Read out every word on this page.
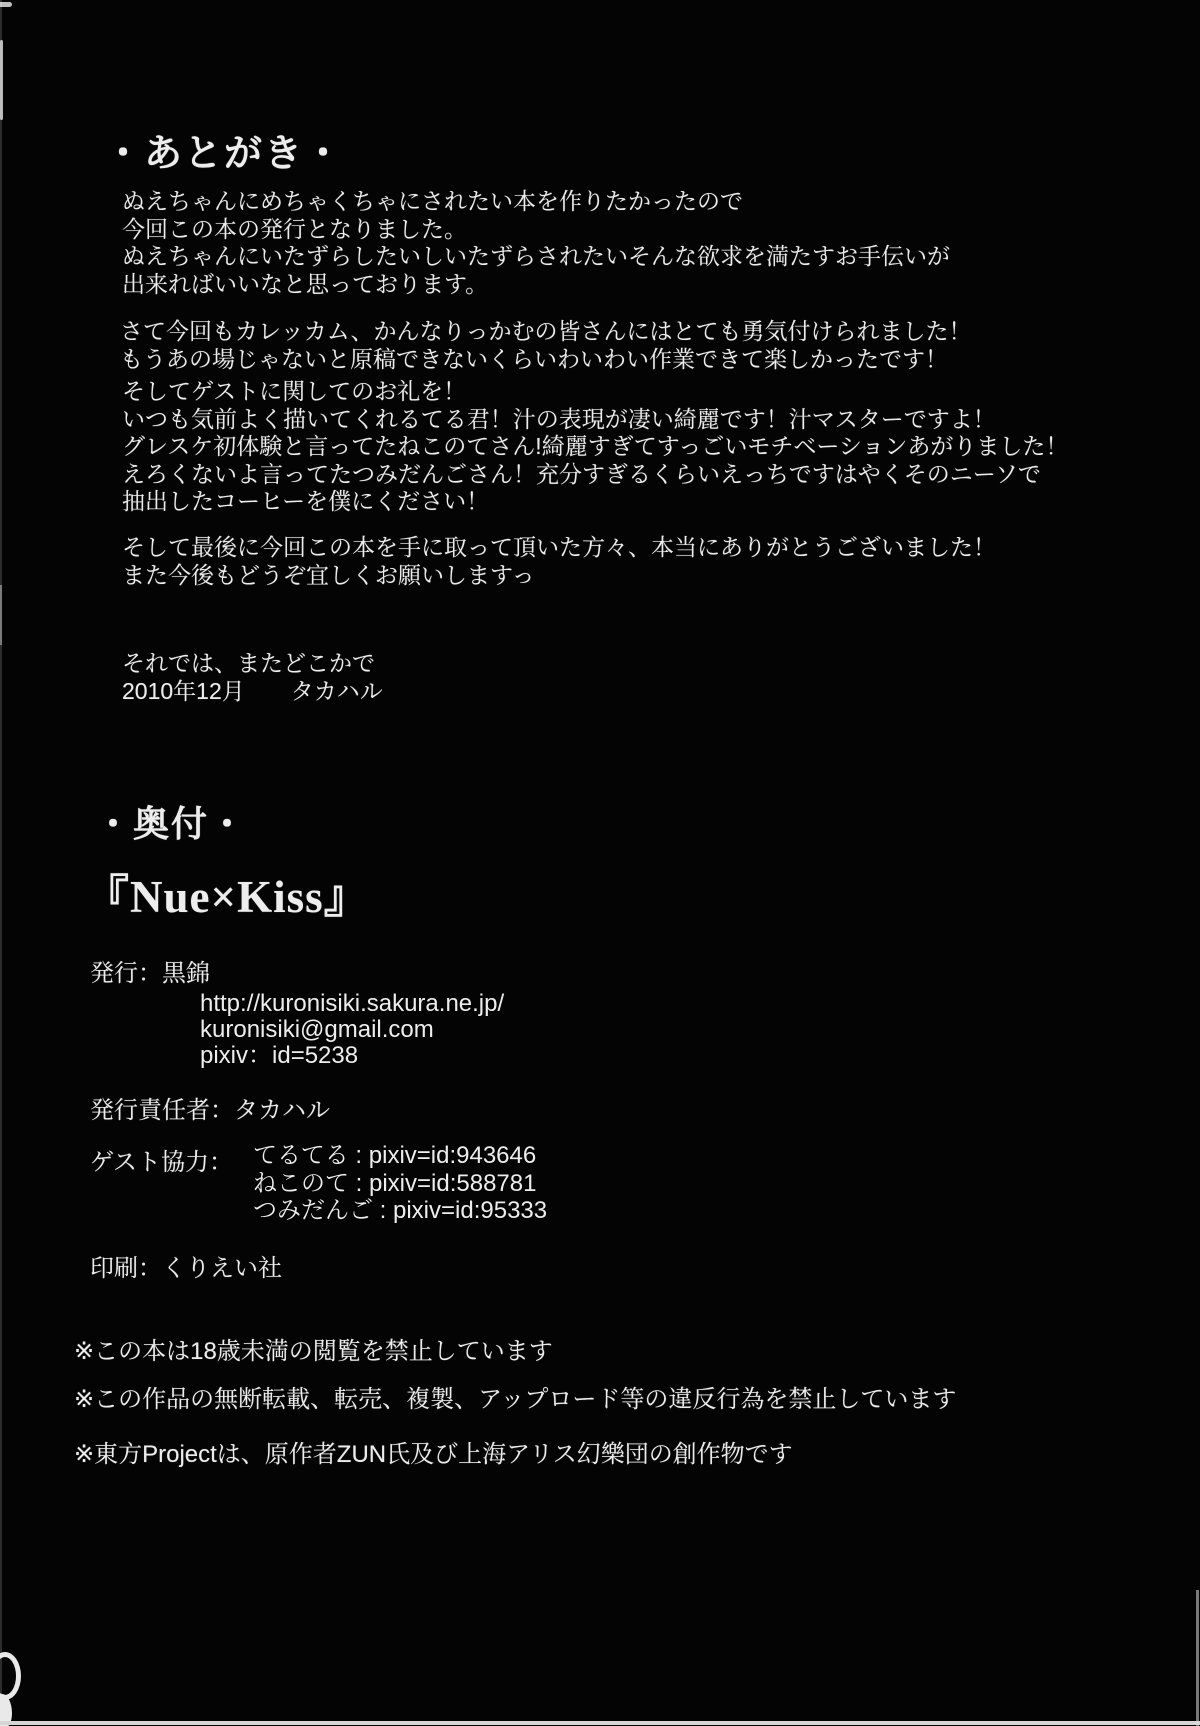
・あとがき・
ぬえちゃんにめちゃくちゃにされたい本を作りたかったので
今回この本の発行となりました。
ぬえちゃんにいたずらしたいしいたずらされたいそんな欲求を満たすお手伝いが
出来ればいいなと思っております。
さて今回もカレッカム、かんなりっかむの皆さんにはとても勇気付けられました！
もうあの場じゃないと原稿できないくらいわいわい作業できて楽しかったです！
そしてゲストに関してのお礼を！
いつも気前よく描いてくれるてる君！汁の表現が凄い綺麗です！汁マスターですよ！
グレスケ初体験と言ってたねこのてさん!綺麗すぎてすっごいモチベーションあがりました！
えろくないよ言ってたつみだんごさん！充分すぎるくらいえっちですはやくそのニーソで
抽出したコーヒーを僕にください！
そして最後に今回この本を手に取って頂いた方々、本当にありがとうございました！
また今後もどうぞ宜しくお願いしますっ
それでは、またどこかで
2010年12月　　タカハル
・奥付・
『Nue×Kiss』
発行：黒錦
http://kuronisiki.sakura.ne.jp/
kuronisiki@gmail.com
pixiv：id=5238
発行責任者：タカハル
ゲスト協力： てるてる : pixiv=id:943646
ねこのて : pixiv=id:588781
つみだんご : pixiv=id:95333
印刷：くりえい社
※この本は18歳未満の閲覧を禁止しています
※この作品の無断転載、転売、複製、アップロード等の違反行為を禁止しています
※東方Projectは、原作者ZUN氏及び上海アリス幻樂団の創作物です
